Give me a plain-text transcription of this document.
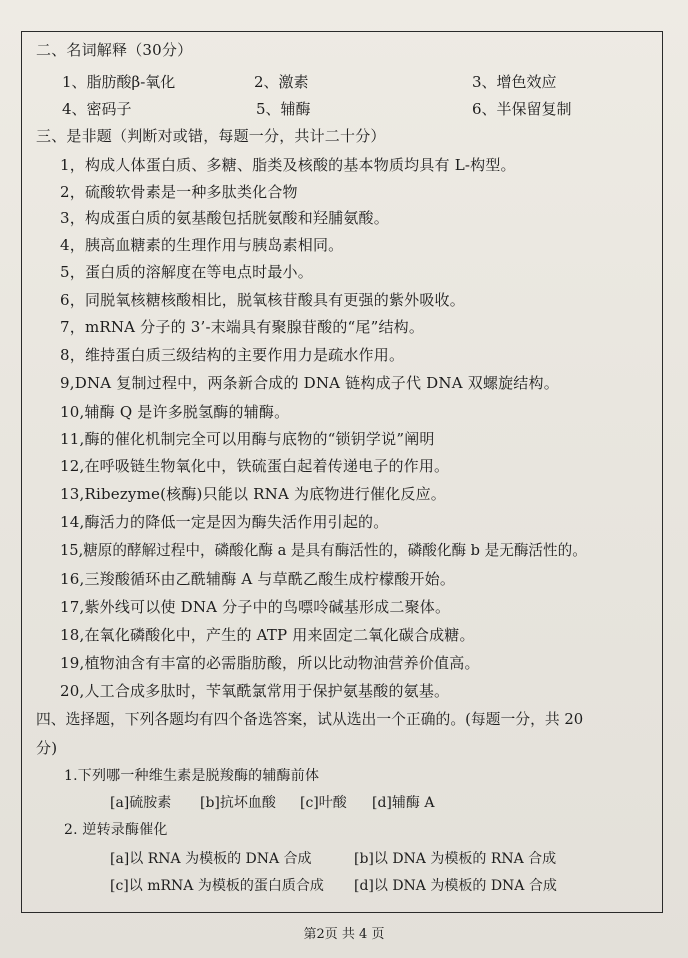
二、名词解释（30分）
1、脂肪酸β-氧化	2、激素	3、增色效应
4、密码子	5、辅酶	6、半保留复制
三、是非题（判断对或错，每题一分，共计二十分）
1，构成人体蛋白质、多糖、脂类及核酸的基本物质均具有 L-构型。
2，硫酸软骨素是一种多肽类化合物
3，构成蛋白质的氨基酸包括胱氨酸和羟脯氨酸。
4，胰高血糖素的生理作用与胰岛素相同。
5，蛋白质的溶解度在等电点时最小。
6，同脱氧核糖核酸相比，脱氧核苷酸具有更强的紫外吸收。
7，mRNA 分子的 3’-末端具有聚腺苷酸的“尾”结构。
8，维持蛋白质三级结构的主要作用力是疏水作用。
9,DNA 复制过程中，两条新合成的 DNA 链构成子代 DNA 双螺旋结构。
10,辅酶 Q 是许多脱氢酶的辅酶。
11,酶的催化机制完全可以用酶与底物的“锁钥学说”阐明
12,在呼吸链生物氧化中，铁硫蛋白起着传递电子的作用。
13,Ribezyme(核酶)只能以 RNA 为底物进行催化反应。
14,酶活力的降低一定是因为酶失活作用引起的。
15,糖原的酵解过程中，磷酸化酶 a 是具有酶活性的，磷酸化酶 b 是无酶活性的。
16,三羧酸循环由乙酰辅酶 A 与草酰乙酸生成柠檬酸开始。
17,紫外线可以使 DNA 分子中的鸟嘌呤碱基形成二聚体。
18,在氧化磷酸化中，产生的 ATP 用来固定二氧化碳合成糖。
19,植物油含有丰富的必需脂肪酸，所以比动物油营养价值高。
20,人工合成多肽时，苄氧酰氯常用于保护氨基酸的氨基。
四、选择题，下列各题均有四个备选答案，试从选出一个正确的。(每题一分，共 20
分)
1.下列哪一种维生素是脱羧酶的辅酶前体
[a]硫胺素 [b]抗坏血酸 [c]叶酸 [d]辅酶 A
2. 逆转录酶催化
[a]以 RNA 为模板的 DNA 合成	[b]以 DNA 为模板的 RNA 合成
[c]以 mRNA 为模板的蛋白质合成 [d]以 DNA 为模板的 DNA 合成
第2页 共 4 页
